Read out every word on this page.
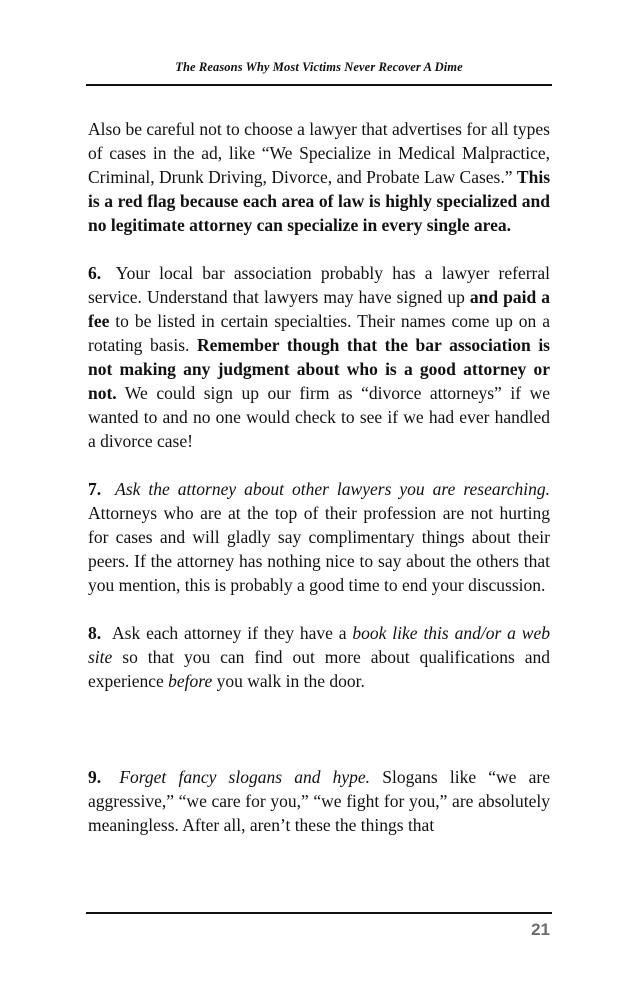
The Reasons Why Most Victims Never Recover A Dime

Also be careful not to choose a lawyer that advertises for all types of cases in the ad, like “We Specialize in Medical Malpractice, Criminal, Drunk Driving, Divorce, and Probate Law Cases.” This is a red flag because each area of law is highly specialized and no legitimate attorney can specialize in every single area.

6. Your local bar association probably has a lawyer referral service. Understand that lawyers may have signed up and paid a fee to be listed in certain specialties. Their names come up on a rotating basis. Remember though that the bar association is not making any judgment about who is a good attorney or not. We could sign up our firm as “divorce attorneys” if we wanted to and no one would check to see if we had ever handled a divorce case!

7. Ask the attorney about other lawyers you are researching. Attorneys who are at the top of their profession are not hurting for cases and will gladly say complimentary things about their peers. If the attorney has nothing nice to say about the others that you mention, this is probably a good time to end your discussion.

8. Ask each attorney if they have a book like this and/or a web site so that you can find out more about qualifications and experience before you walk in the door.

9. Forget fancy slogans and hype. Slogans like “we are aggressive,” “we care for you,” “we fight for you,” are absolutely meaningless. After all, aren’t these the things that

21
